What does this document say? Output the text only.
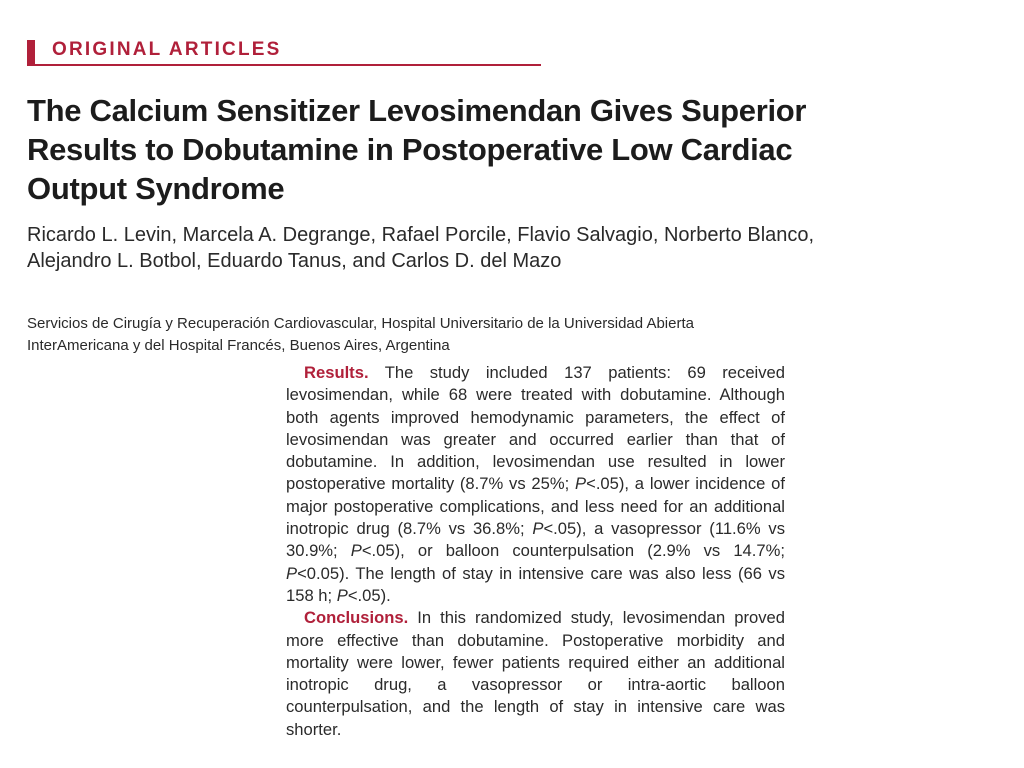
ORIGINAL ARTICLES
The Calcium Sensitizer Levosimendan Gives Superior
Results to Dobutamine in Postoperative Low Cardiac
Output Syndrome
Ricardo L. Levin, Marcela A. Degrange, Rafael Porcile, Flavio Salvagio, Norberto Blanco,
Alejandro L. Botbol, Eduardo Tanus, and Carlos D. del Mazo
Servicios de Cirugía y Recuperación Cardiovascular, Hospital Universitario de la Universidad Abierta
InterAmericana y del Hospital Francés, Buenos Aires, Argentina

Results. The study included 137 patients: 69 received levosimendan, while 68 were treated with dobutamine. Although both agents improved hemodynamic parameters, the effect of levosimendan was greater and occurred earlier than that of dobutamine. In addition, levosimendan use resulted in lower postoperative mortality (8.7% vs 25%; P<.05), a lower incidence of major postoperative complications, and less need for an additional inotropic drug (8.7% vs 36.8%; P<.05), a vasopressor (11.6% vs 30.9%; P<.05), or balloon counterpulsation (2.9% vs 14.7%; P<0.05). The length of stay in intensive care was also less (66 vs 158 h; P<.05).

Conclusions. In this randomized study, levosimendan proved more effective than dobutamine. Postoperative morbidity and mortality were lower, fewer patients required either an additional inotropic drug, a vasopressor or intra-aortic balloon counterpulsation, and the length of stay in intensive care was shorter.
